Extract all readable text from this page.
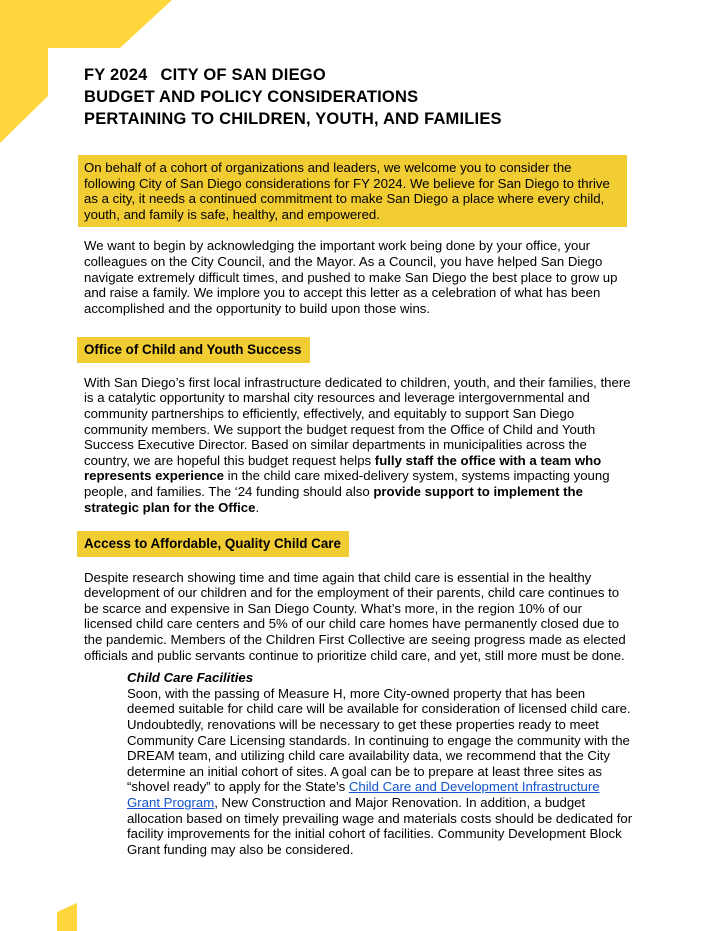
FY 2024 CITY OF SAN DIEGO
BUDGET AND POLICY CONSIDERATIONS
PERTAINING TO CHILDREN, YOUTH, AND FAMILIES

On behalf of a cohort of organizations and leaders, we welcome you to consider the following City of San Diego considerations for FY 2024. We believe for San Diego to thrive as a city, it needs a continued commitment to make San Diego a place where every child, youth, and family is safe, healthy, and empowered.

We want to begin by acknowledging the important work being done by your office, your colleagues on the City Council, and the Mayor. As a Council, you have helped San Diego navigate extremely difficult times, and pushed to make San Diego the best place to grow up and raise a family. We implore you to accept this letter as a celebration of what has been accomplished and the opportunity to build upon those wins.

Office of Child and Youth Success

With San Diego’s first local infrastructure dedicated to children, youth, and their families, there is a catalytic opportunity to marshal city resources and leverage intergovernmental and community partnerships to efficiently, effectively, and equitably to support San Diego community members. We support the budget request from the Office of Child and Youth Success Executive Director. Based on similar departments in municipalities across the country, we are hopeful this budget request helps fully staff the office with a team who represents experience in the child care mixed-delivery system, systems impacting young people, and families. The ‘24 funding should also provide support to implement the strategic plan for the Office.

Access to Affordable, Quality Child Care

Despite research showing time and time again that child care is essential in the healthy development of our children and for the employment of their parents, child care continues to be scarce and expensive in San Diego County. What’s more, in the region 10% of our licensed child care centers and 5% of our child care homes have permanently closed due to the pandemic. Members of the Children First Collective are seeing progress made as elected officials and public servants continue to prioritize child care, and yet, still more must be done.

Child Care Facilities

Soon, with the passing of Measure H, more City-owned property that has been deemed suitable for child care will be available for consideration of licensed child care. Undoubtedly, renovations will be necessary to get these properties ready to meet Community Care Licensing standards. In continuing to engage the community with the DREAM team, and utilizing child care availability data, we recommend that the City determine an initial cohort of sites. A goal can be to prepare at least three sites as “shovel ready” to apply for the State’s Child Care and Development Infrastructure Grant Program, New Construction and Major Renovation. In addition, a budget allocation based on timely prevailing wage and materials costs should be dedicated for facility improvements for the initial cohort of facilities. Community Development Block Grant funding may also be considered.
